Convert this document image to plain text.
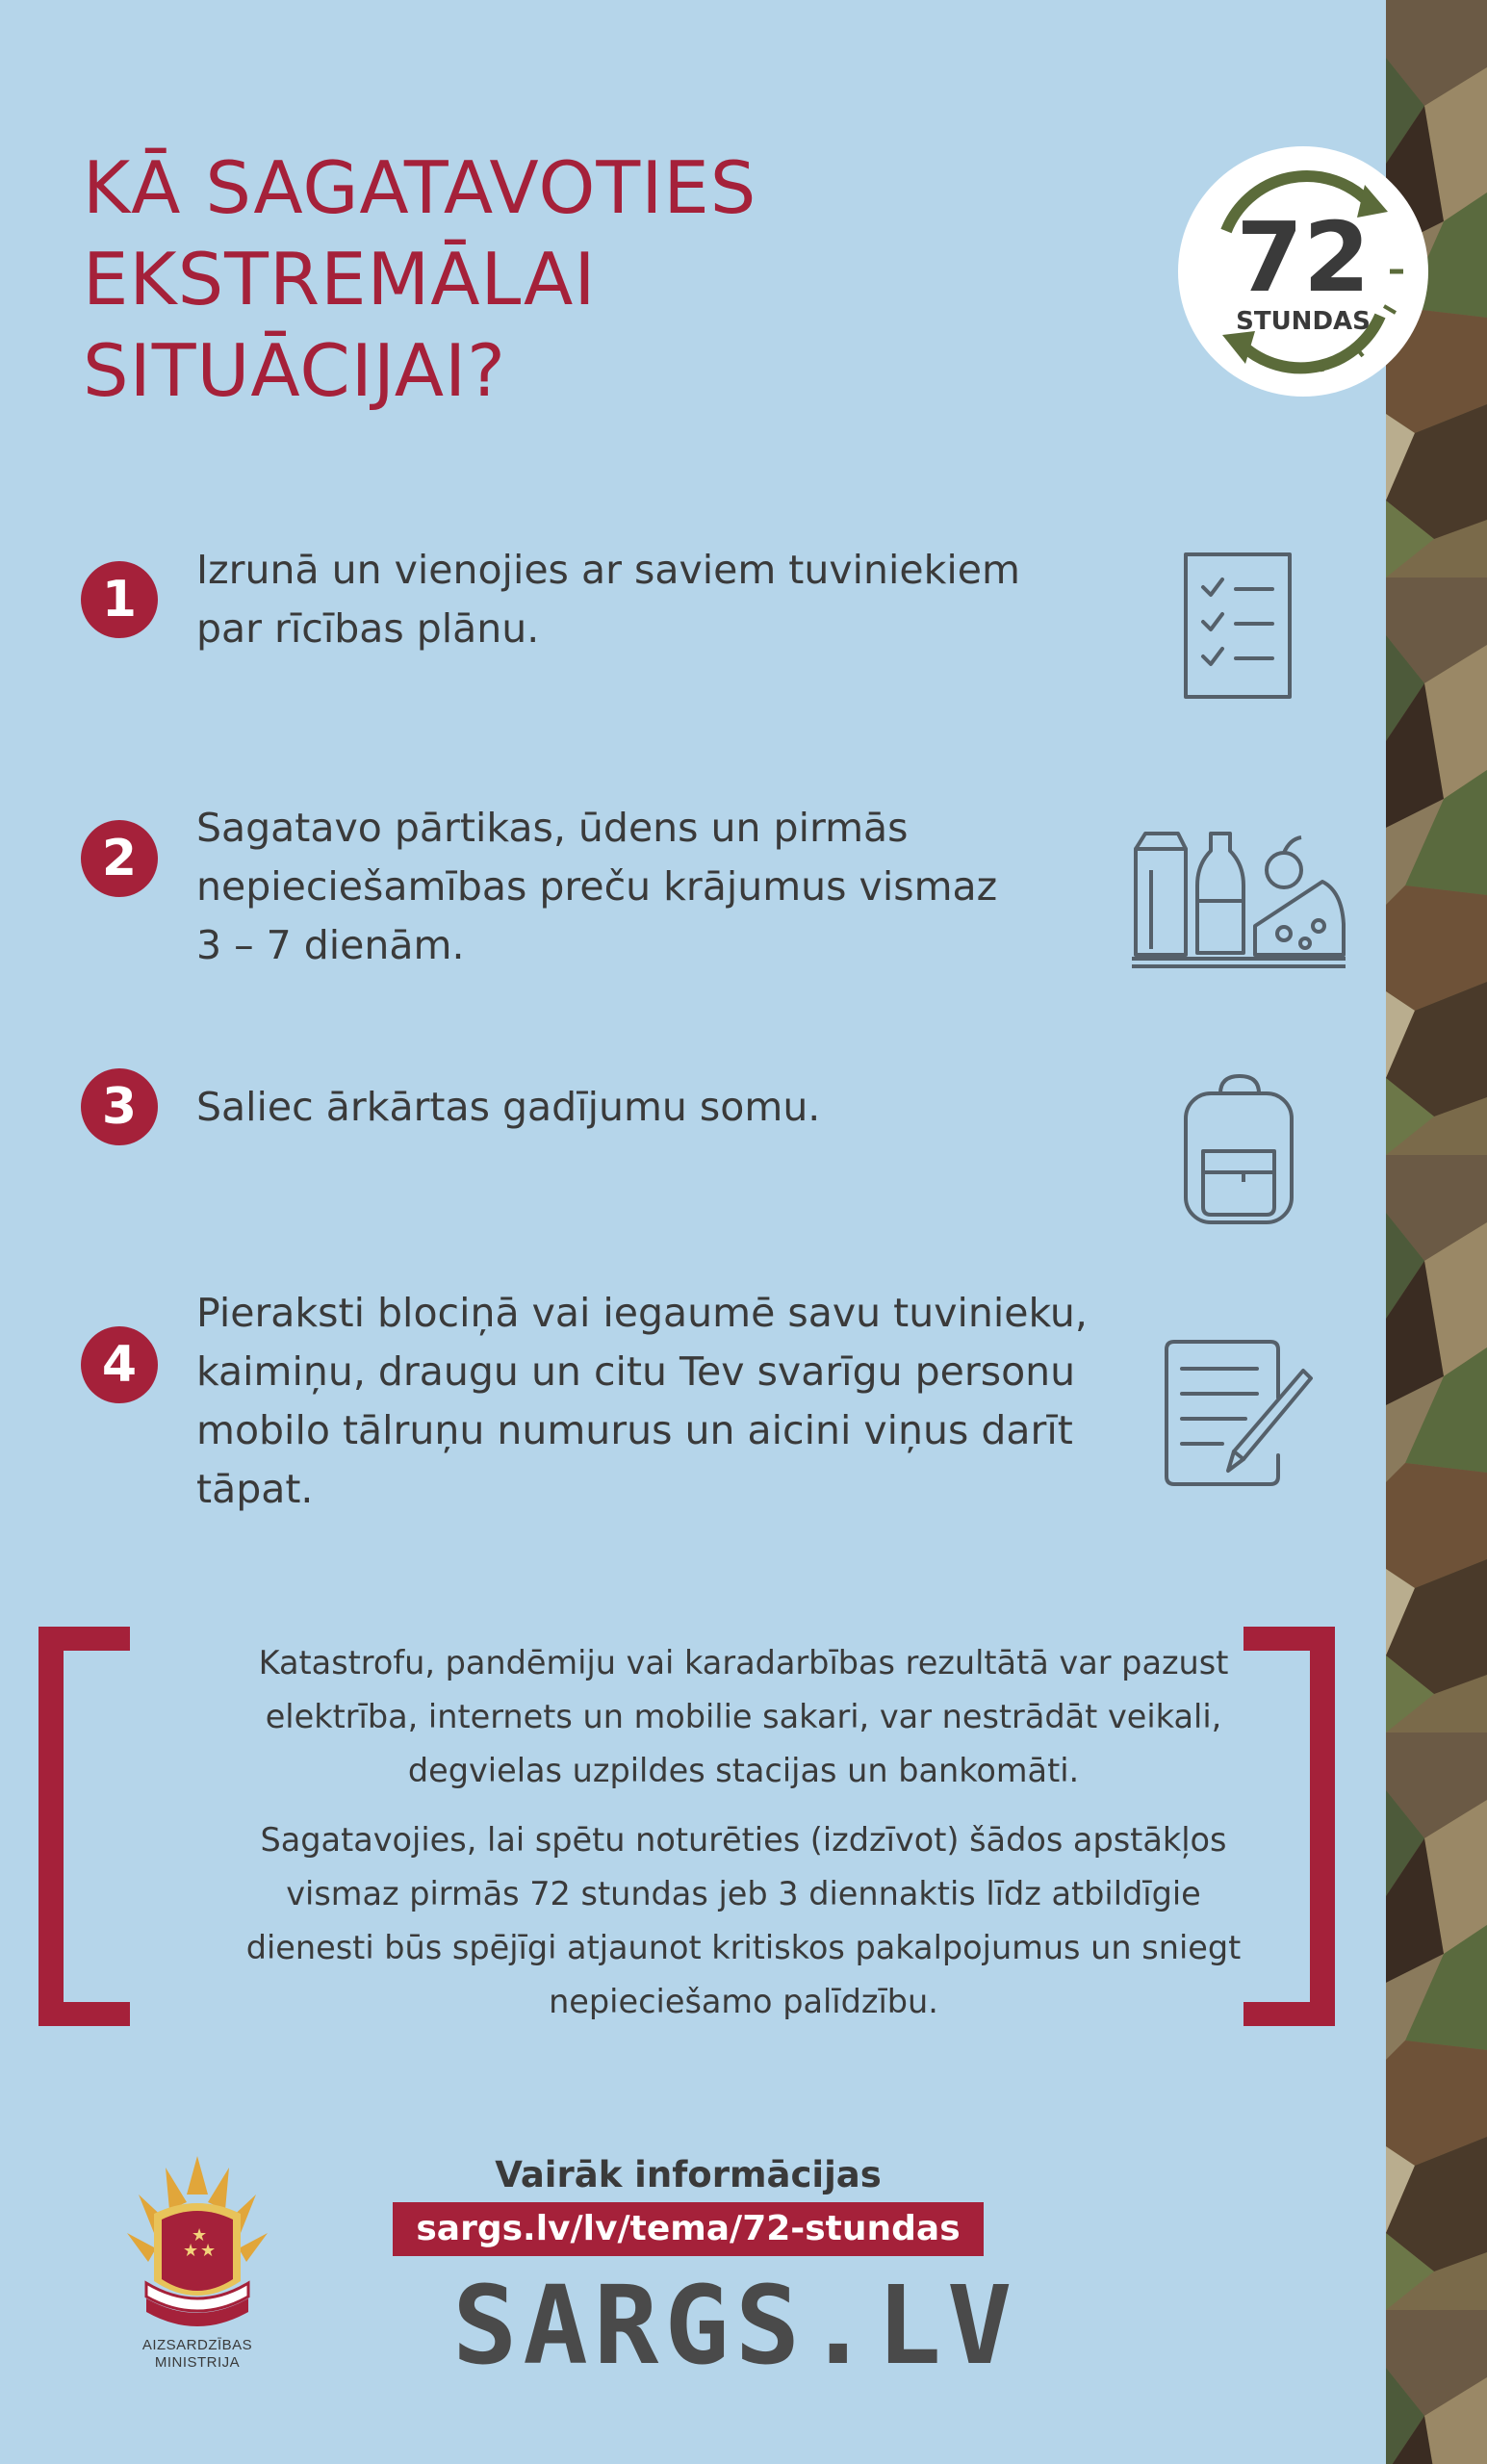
KĀ SAGATAVOTIES
EKSTREMĀLAI
SITUĀCIJAI?
72
STUNDAS
1

Izrunā un vienojies ar saviem tuviniekiem
par rīcības plānu.

2

Sagatavo pārtikas, ūdens un pirmās
nepieciešamības preču krājumus vismaz
3 – 7 dienām.

3	Saliec ārkārtas gadījumu somu.

4

Pieraksti blociņā vai iegaumē savu tuvinieku,
kaimiņu, draugu un citu Tev svarīgu personu
mobilo tālruņu numurus un aicini viņus darīt
tāpat.

Katastrofu, pandēmiju vai karadarbības rezultātā var pazust
elektrība, internets un mobilie sakari, var nestrādāt veikali,
degvielas uzpildes stacijas un bankomāti.

Sagatavojies, lai spētu noturēties (izdzīvot) šādos apstākļos
vismaz pirmās 72 stundas jeb 3 diennaktis līdz atbildīgie
dienesti būs spējīgi atjaunot kritiskos pakalpojumus un sniegt
nepieciešamo palīdzību.

★ ★
★
AIZSARDZĪBAS
MINISTRIJA
Vairāk informācijas
sargs.lv/lv/tema/72-stundas
SARGS.LV
